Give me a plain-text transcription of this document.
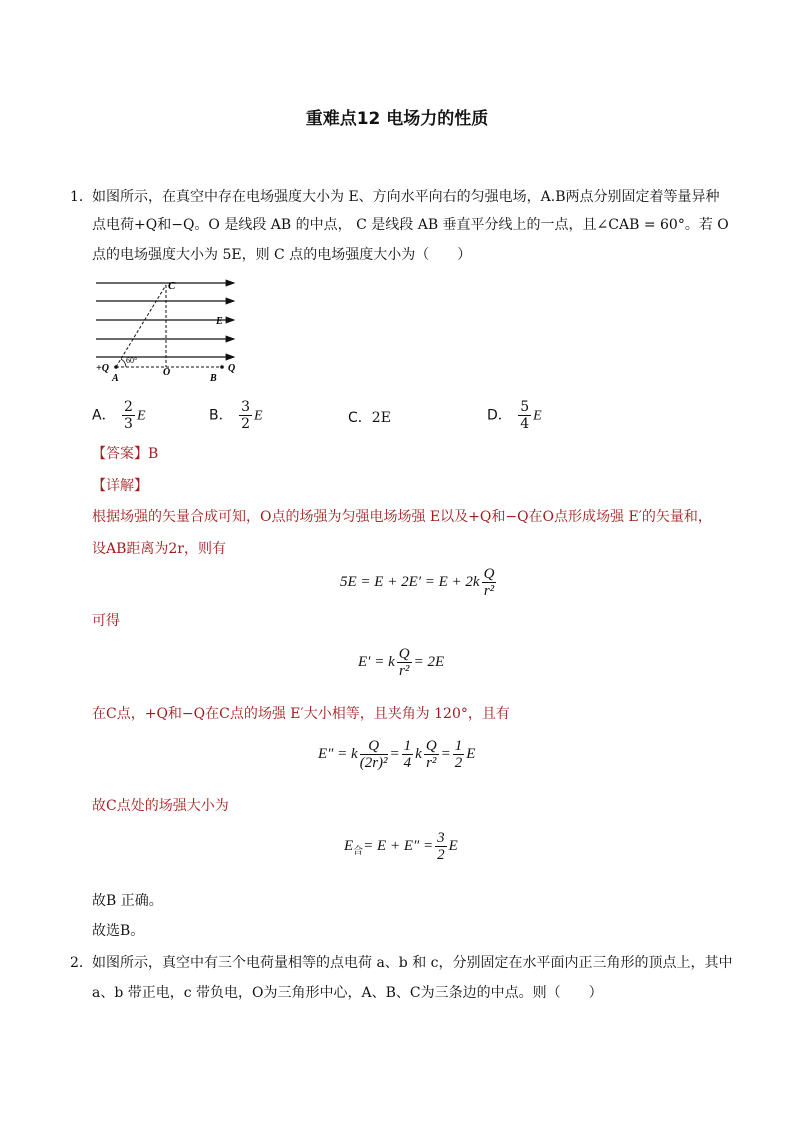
重难点12 电场力的性质
1． 如图所示，在真空中存在电场强度大小为 E、方向水平向右的匀强电场，A.B两点分别固定着等量异种
点电荷+Q和−Q。O 是线段 AB 的中点， C 是线段 AB 垂直平分线上的一点，且∠CAB = 60°。若 O
点的电场强度大小为 5E，则 C 点的电场强度大小为（　　）
C
E
60°
+Q
A
O
B
Q
A． $\frac{2}{3}$ E	B． $\frac{3}{2}$ E	C．2E	D． $\frac{5}{4}$ E
【答案】B
【详解】
根据场强的矢量合成可知，O点的场强为匀强电场场强 E以及+Q和−Q在O点形成场强 E′的矢量和，
设AB距离为2r，则有
$5E = E + 2E' = E + 2k \frac{Q}{\text{r²}}$
可得
E′ = k $\frac{Q}{\text{r²}} = 2E$
在C点，+Q和−Q在C点的场强 E′大小相等，且夹角为 120°，且有
E″ = k $\frac{Q}{\text{(2r)²}} = \frac{1}{4}$ k $\frac{Q}{\text{r²}} = \frac{1}{2}$ E
故C点处的场强大小为
$E_合= E + E'' = \frac{3}{2}$ E
故B 正确。
故选B。
2． 如图所示，真空中有三个电荷量相等的点电荷 a、b 和 c，分别固定在水平面内正三角形的顶点上，其中
a、b 带正电，c 带负电，O为三角形中心，A、B、C为三条边的中点。则（　　）
